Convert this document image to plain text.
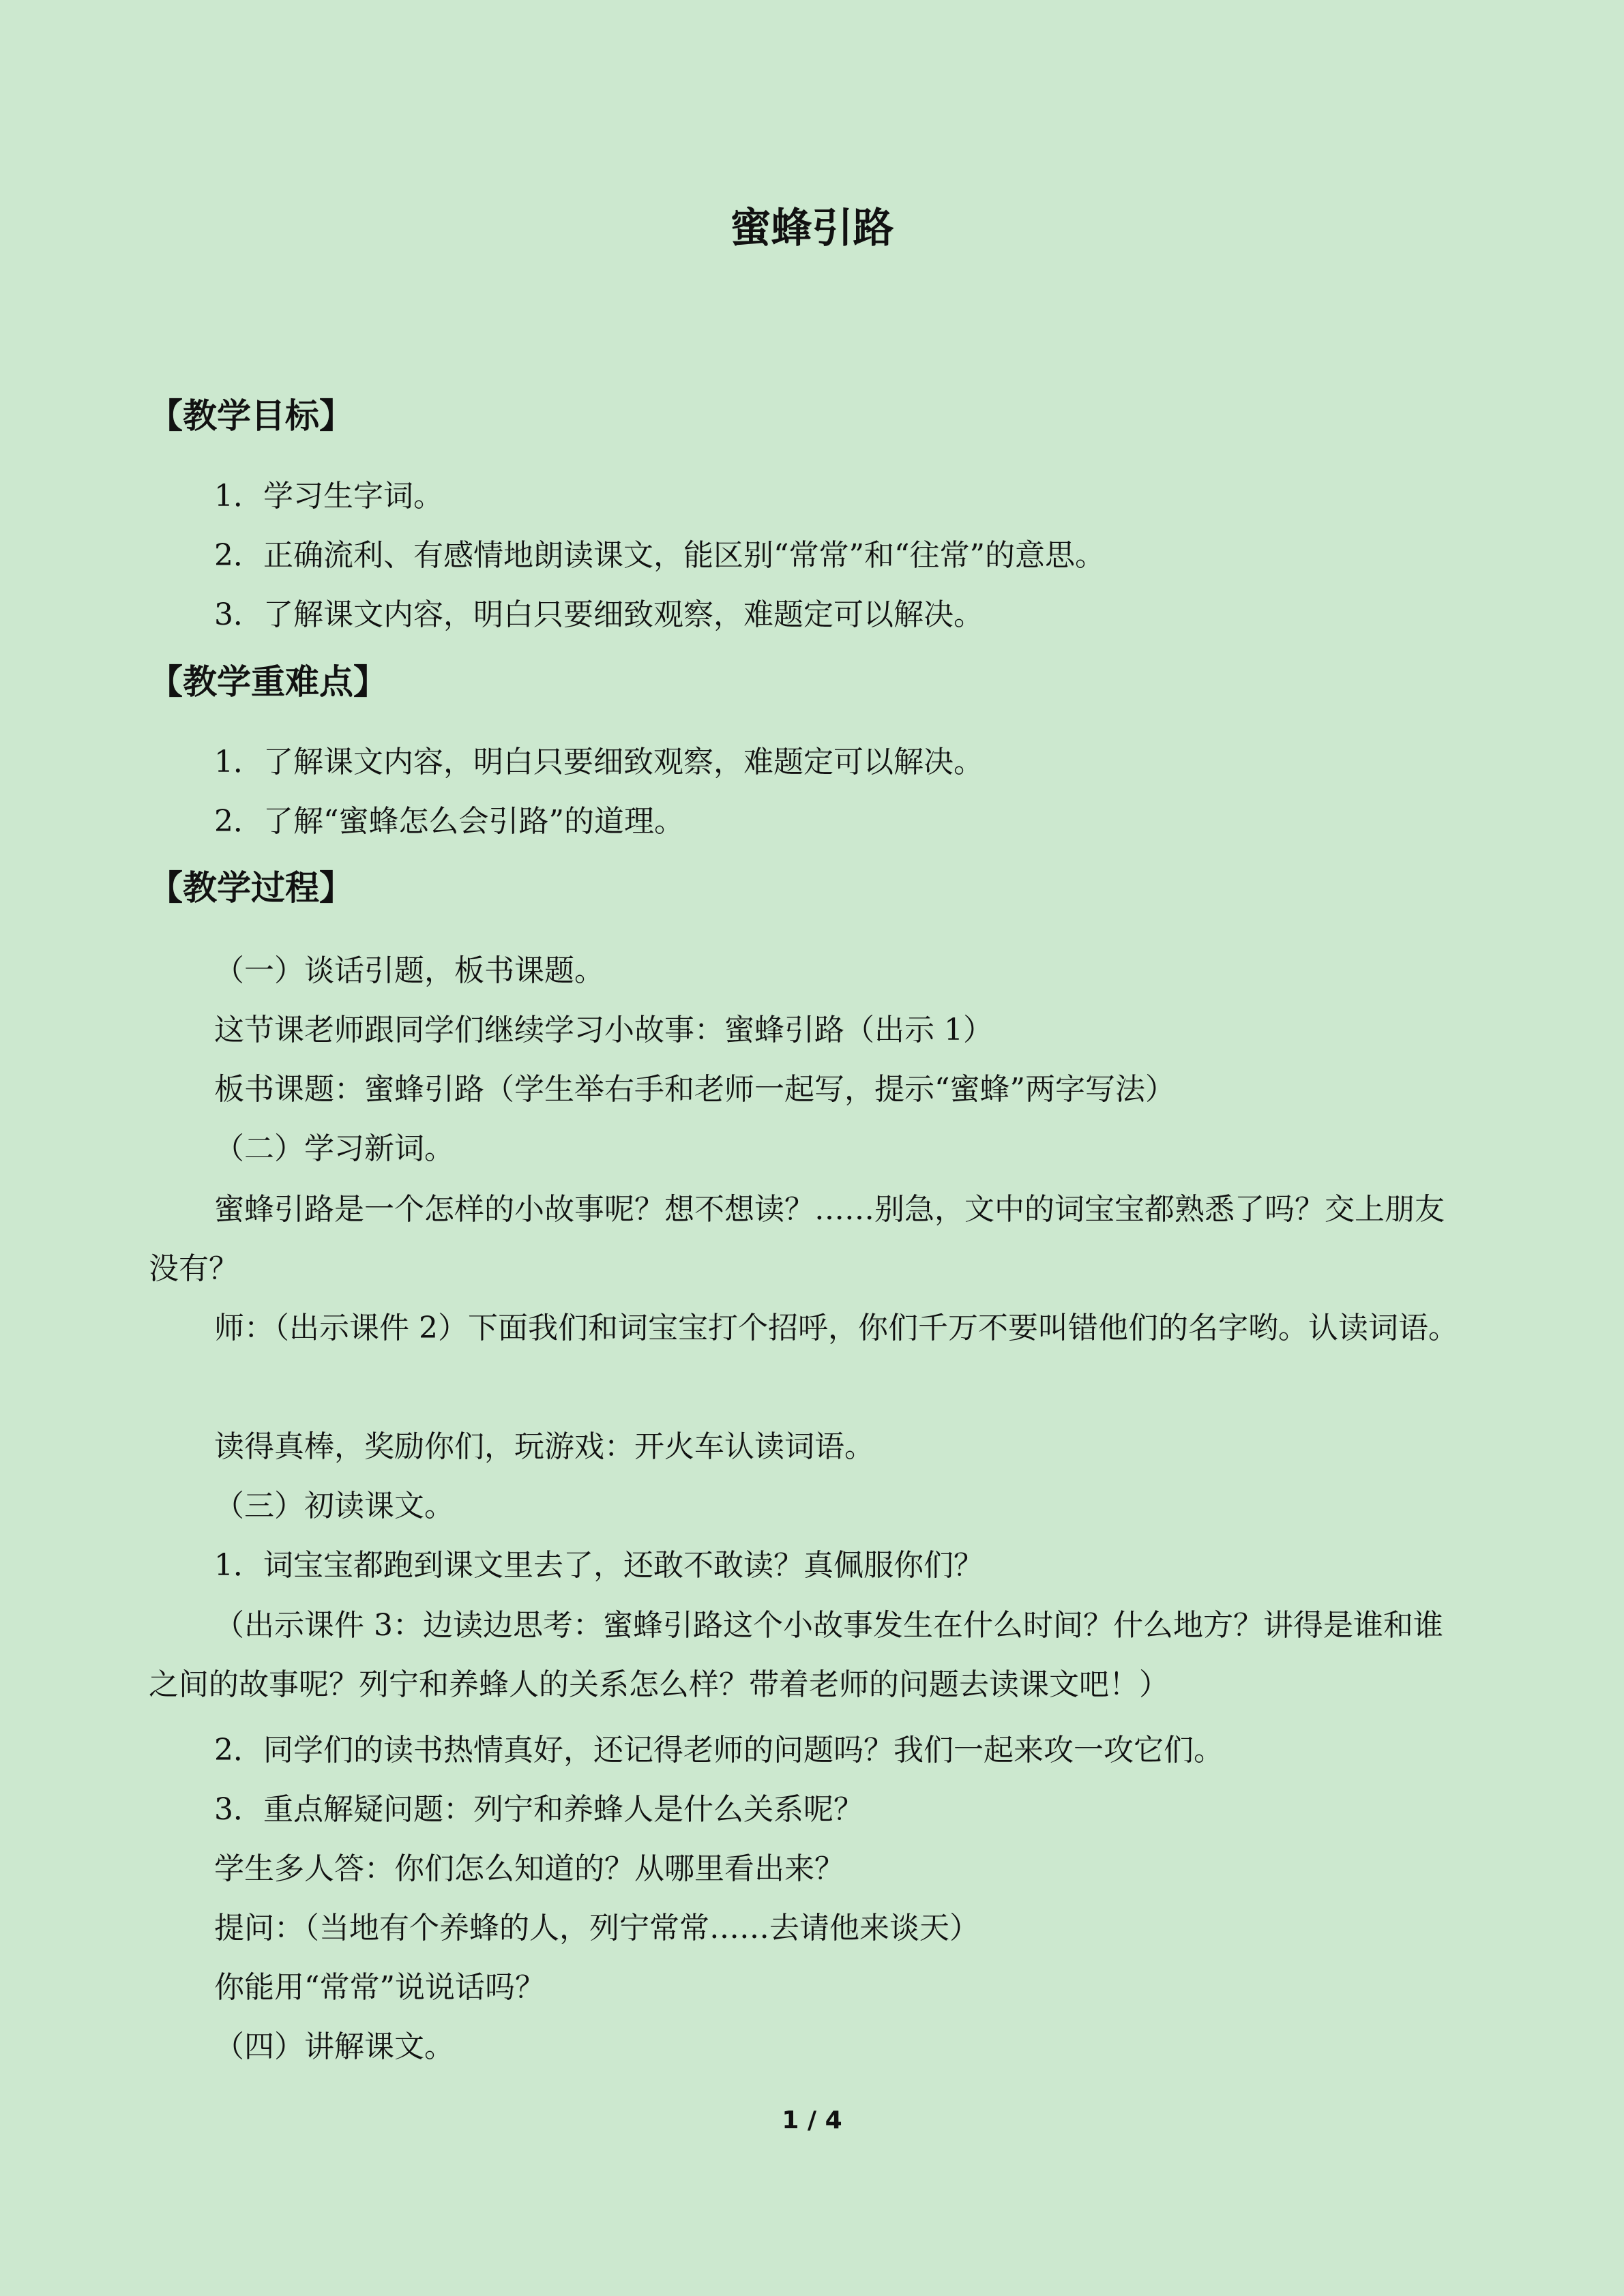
蜜蜂引路
【教学目标】
1．学习生字词。
2．正确流利、有感情地朗读课文，能区别“常常”和“往常”的意思。
3．了解课文内容，明白只要细致观察，难题定可以解决。
【教学重难点】
1．了解课文内容，明白只要细致观察，难题定可以解决。
2．了解“蜜蜂怎么会引路”的道理。
【教学过程】
（一）谈话引题，板书课题。
这节课老师跟同学们继续学习小故事：蜜蜂引路（出示 1）
板书课题：蜜蜂引路（学生举右手和老师一起写，提示“蜜蜂”两字写法）
（二）学习新词。
蜜蜂引路是一个怎样的小故事呢？想不想读？……别急，文中的词宝宝都熟悉了吗？交上朋友没有？
师：（出示课件 2）下面我们和词宝宝打个招呼，你们千万不要叫错他们的名字哟。认读词语。
读得真棒，奖励你们，玩游戏：开火车认读词语。
（三）初读课文。
1．词宝宝都跑到课文里去了，还敢不敢读？真佩服你们？
（出示课件 3：边读边思考：蜜蜂引路这个小故事发生在什么时间？什么地方？讲得是谁和谁之间的故事呢？列宁和养蜂人的关系怎么样？带着老师的问题去读课文吧！）
2．同学们的读书热情真好，还记得老师的问题吗？我们一起来攻一攻它们。
3．重点解疑问题：列宁和养蜂人是什么关系呢？
学生多人答：你们怎么知道的？从哪里看出来？
提问：（当地有个养蜂的人，列宁常常……去请他来谈天）
你能用“常常”说说话吗？
（四）讲解课文。
1 / 4
